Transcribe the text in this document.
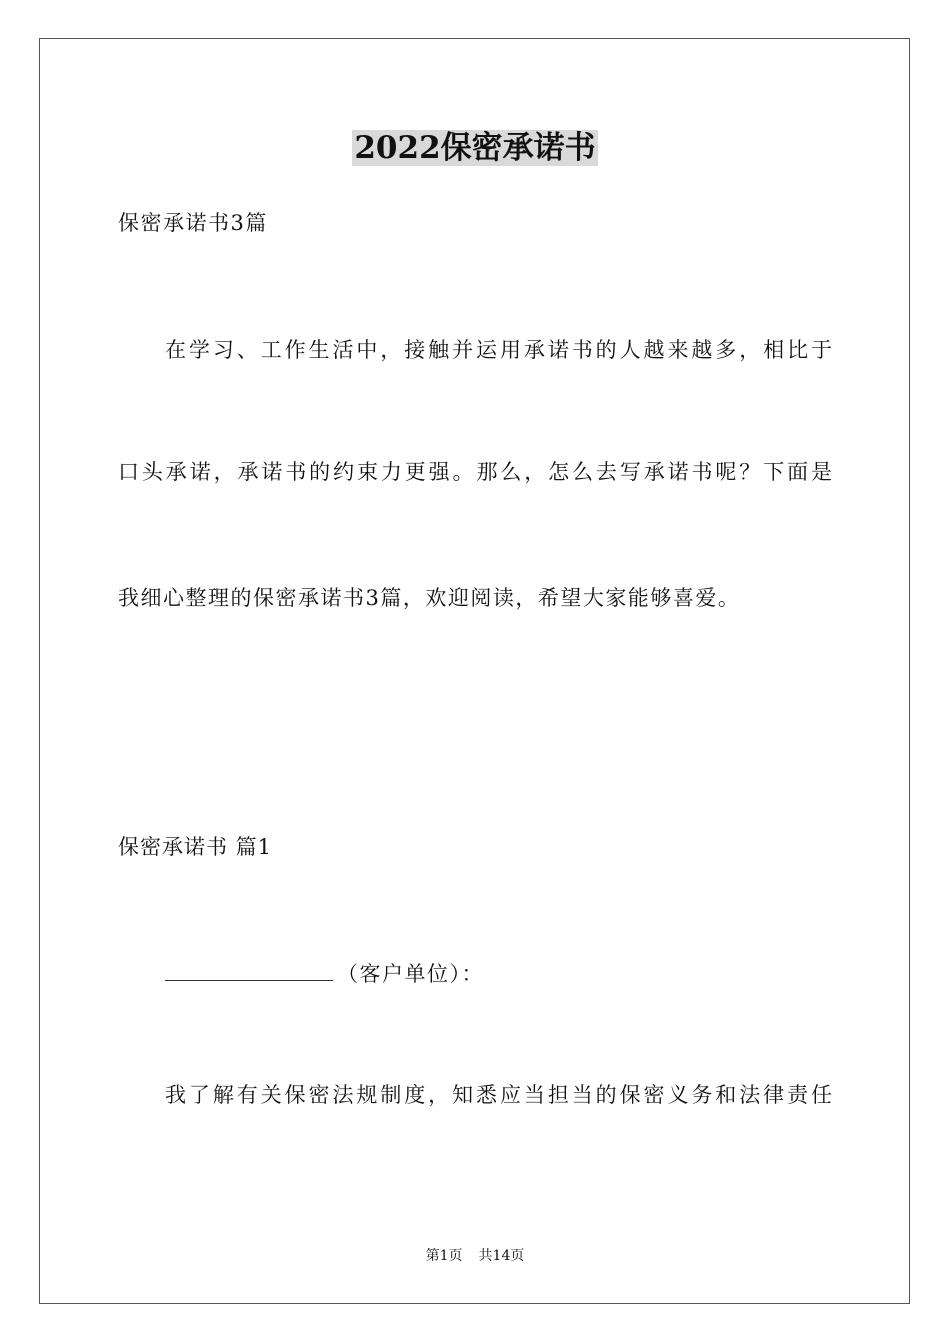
2022保密承诺书
保密承诺书3篇
在学习、工作生活中，接触并运用承诺书的人越来越多，相比于
口头承诺，承诺书的约束力更强。那么，怎么去写承诺书呢？下面是
我细心整理的保密承诺书3篇，欢迎阅读，希望大家能够喜爱。
保密承诺书 篇1
（客户单位）：
我了解有关保密法规制度，知悉应当担当的保密义务和法律责任
第1页 共14页
